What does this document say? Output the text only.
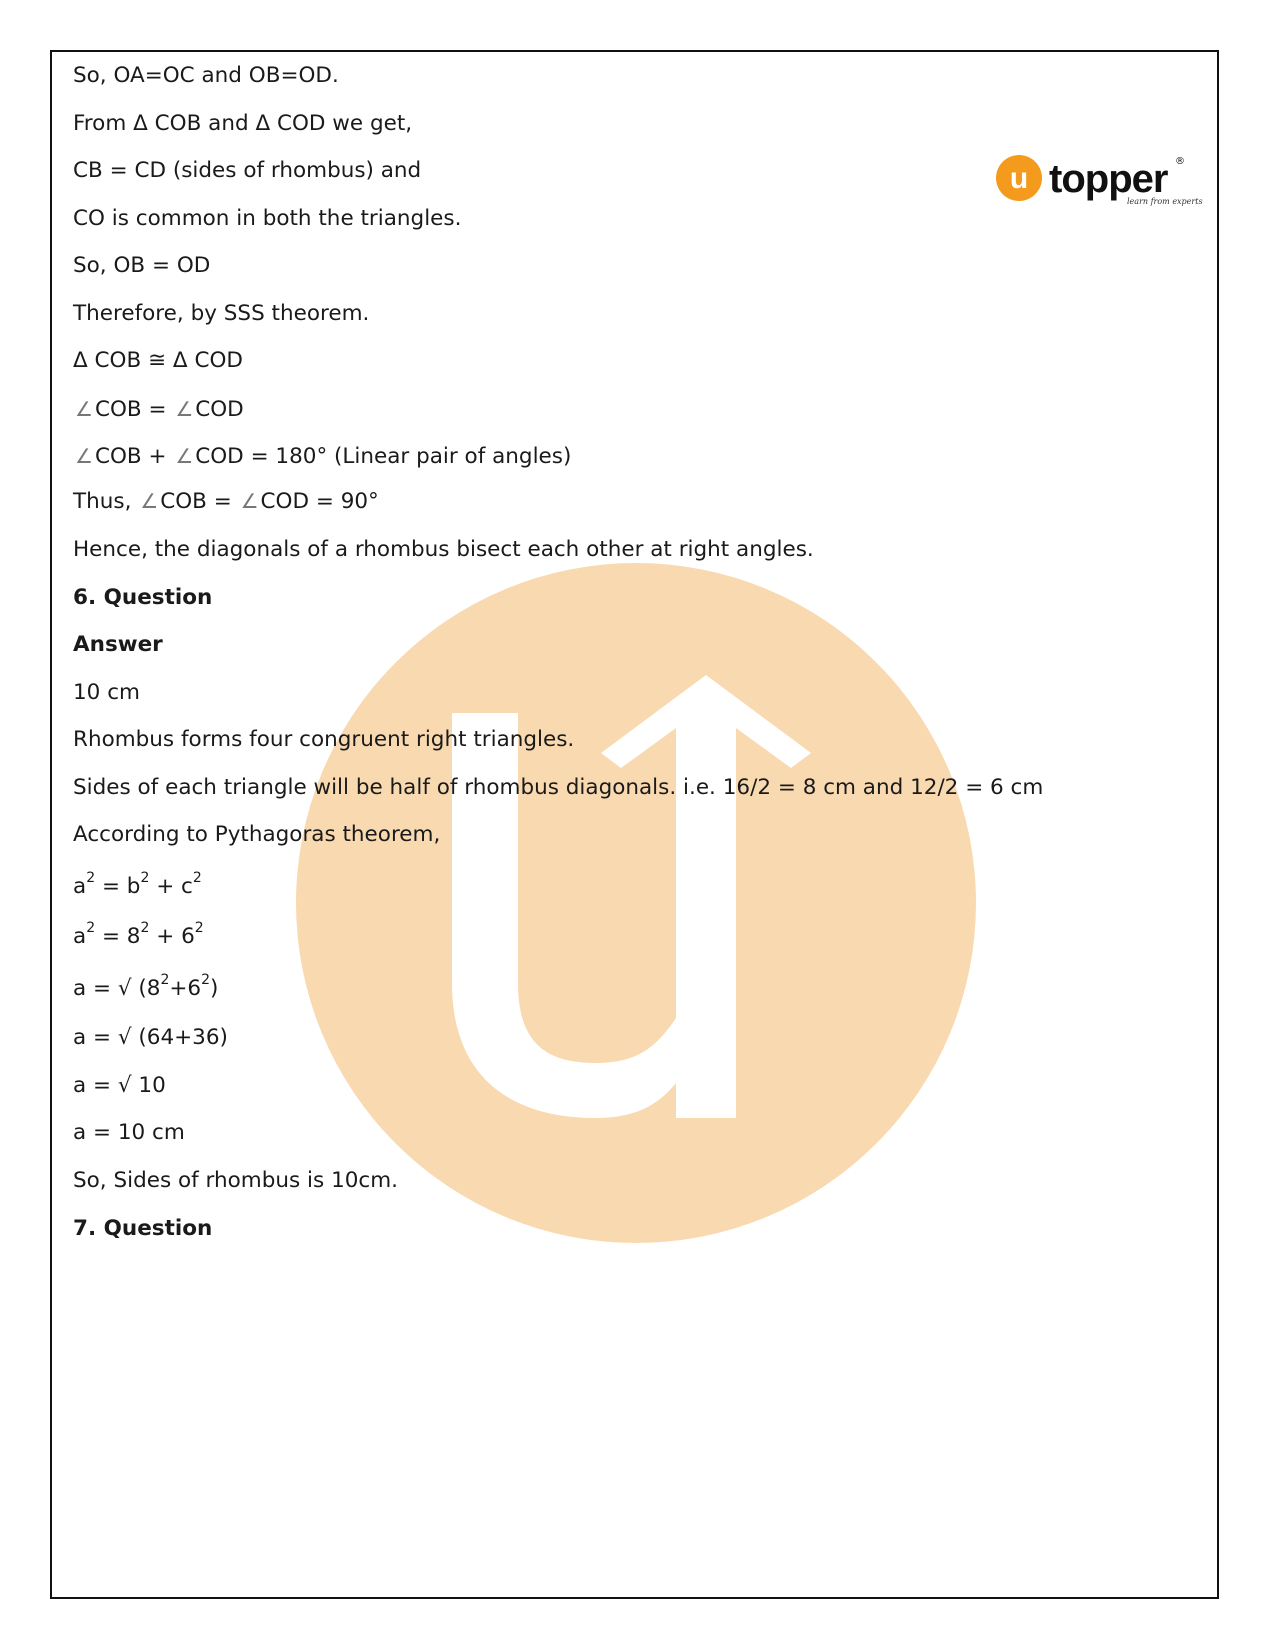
u topper ®
learn from experts

So, OA=OC and OB=OD.

From Δ COB and Δ COD we get,

CB = CD (sides of rhombus) and

CO is common in both the triangles.

So, OB = OD

Therefore, by SSS theorem.

Δ COB ≅ Δ COD

∠COB = ∠COD

∠COB + ∠COD = 180° (Linear pair of angles)

Thus, ∠COB = ∠COD = 90°

Hence, the diagonals of a rhombus bisect each other at right angles.

6. Question

Answer

10 cm

Rhombus forms four congruent right triangles.

Sides of each triangle will be half of rhombus diagonals. i.e. 16/2 = 8 cm and 12/2 = 6 cm

According to Pythagoras theorem,

$a^2 = b^2 + c^2$

$a^2 = 8^2 + 6^2$

a = √ $(8^2+6^2)$

a = √ (64+36)

a = √ 10

a = 10 cm

So, Sides of rhombus is 10cm.

7. Question
